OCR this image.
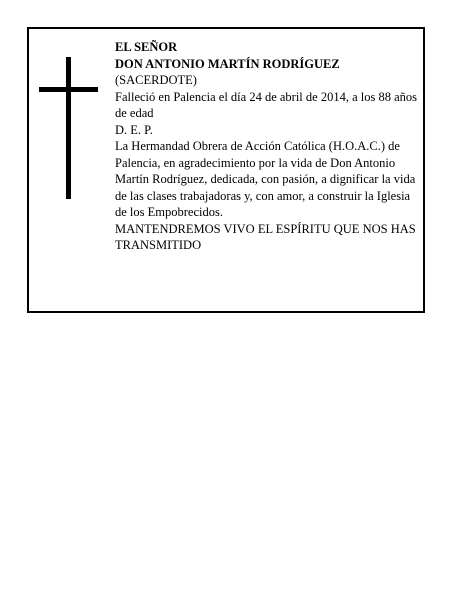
EL SEÑOR

DON ANTONIO MARTÍN RODRÍGUEZ

(SACERDOTE)

Falleció en Palencia el día 24 de abril de 2014, a los 88 años de edad

D. E. P.

La Hermandad Obrera de Acción Católica (H.O.A.C.) de Palencia, en agradecimiento por la vida de Don Antonio Martín Rodríguez, dedicada, con pasión, a dignificar la vida de las clases trabajadoras y, con amor, a construir la Iglesia de los Empobrecidos.

MANTENDREMOS VIVO EL ESPÍRITU QUE NOS HAS TRANSMITIDO
